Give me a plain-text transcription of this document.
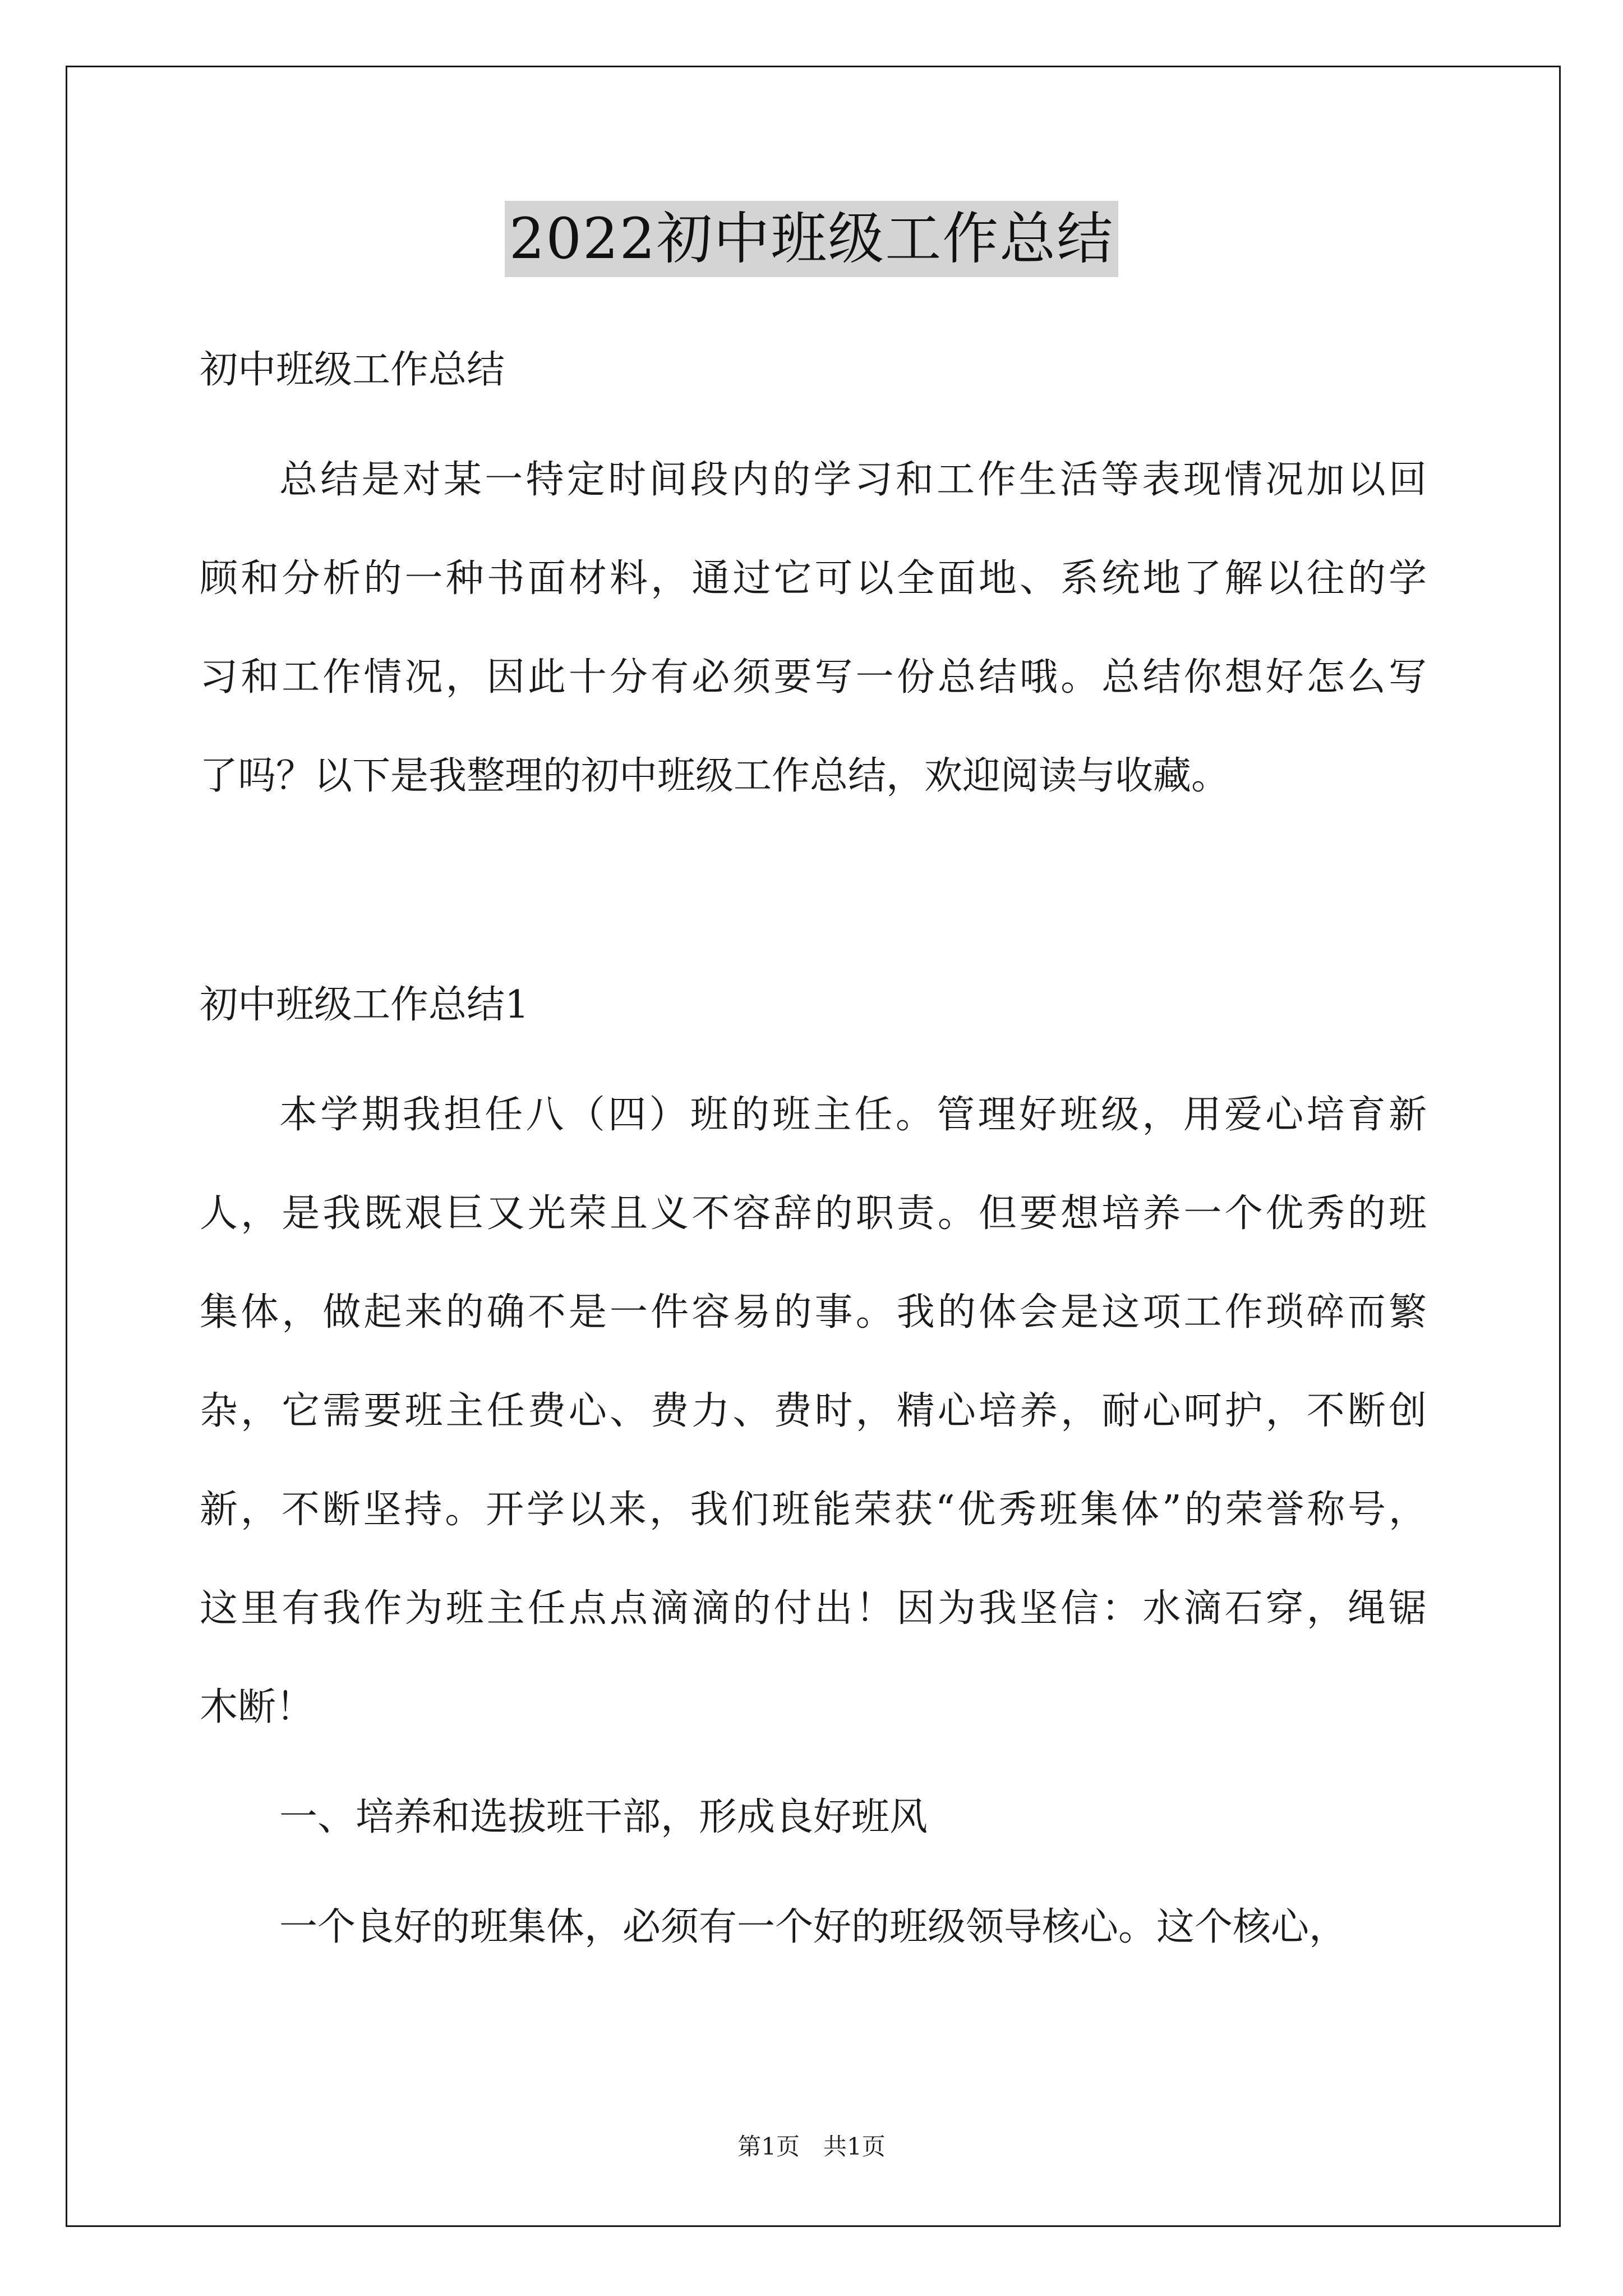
2022初中班级工作总结
初中班级工作总结
总结是对某一特定时间段内的学习和工作生活等表现情况加以回
顾和分析的一种书面材料，通过它可以全面地、系统地了解以往的学
习和工作情况，因此十分有必须要写一份总结哦。总结你想好怎么写
了吗？以下是我整理的初中班级工作总结，欢迎阅读与收藏。
初中班级工作总结1
本学期我担任八（四）班的班主任。管理好班级，用爱心培育新
人，是我既艰巨又光荣且义不容辞的职责。但要想培养一个优秀的班
集体，做起来的确不是一件容易的事。我的体会是这项工作琐碎而繁
杂，它需要班主任费心、费力、费时，精心培养，耐心呵护，不断创
新，不断坚持。开学以来，我们班能荣获“优秀班集体”的荣誉称号，
这里有我作为班主任点点滴滴的付出！因为我坚信：水滴石穿，绳锯
木断！
一、培养和选拔班干部，形成良好班风
一个良好的班集体，必须有一个好的班级领导核心。这个核心，
第1页　共1页
